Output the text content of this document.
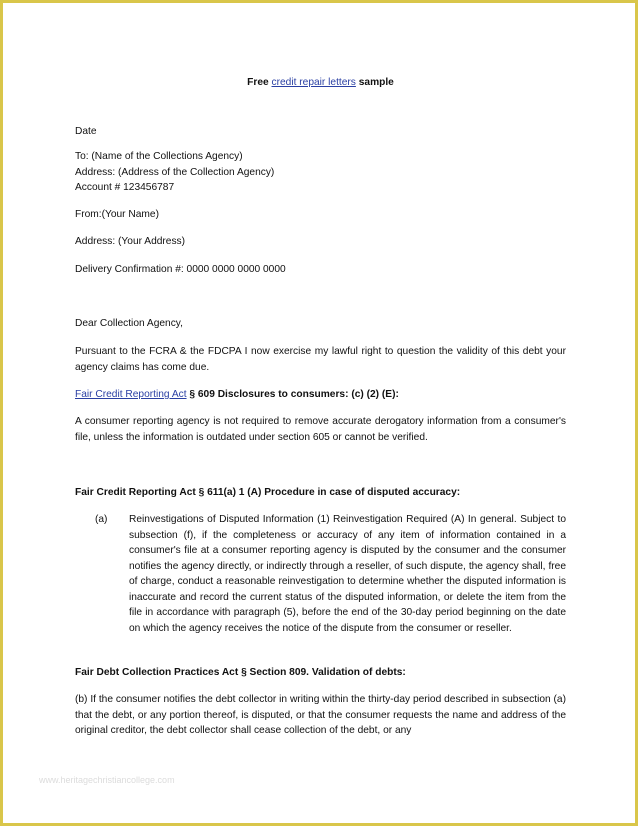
Free credit repair letters sample
Date
To: (Name of the Collections Agency)
Address: (Address of the Collection Agency)
Account # 123456787
From:(Your Name)
Address: (Your Address)
Delivery Confirmation #: 0000 0000 0000 0000
Dear Collection Agency,
Pursuant to the FCRA & the FDCPA I now exercise my lawful right to question the validity of this debt your agency claims has come due.
Fair Credit Reporting Act § 609 Disclosures to consumers: (c) (2) (E):
A consumer reporting agency is not required to remove accurate derogatory information from a consumer's file, unless the information is outdated under section 605 or cannot be verified.
Fair Credit Reporting Act § 611(a) 1 (A) Procedure in case of disputed accuracy:
(a) Reinvestigations of Disputed Information (1) Reinvestigation Required (A) In general. Subject to subsection (f), if the completeness or accuracy of any item of information contained in a consumer's file at a consumer reporting agency is disputed by the consumer and the consumer notifies the agency directly, or indirectly through a reseller, of such dispute, the agency shall, free of charge, conduct a reasonable reinvestigation to determine whether the disputed information is inaccurate and record the current status of the disputed information, or delete the item from the file in accordance with paragraph (5), before the end of the 30-day period beginning on the date on which the agency receives the notice of the dispute from the consumer or reseller.
Fair Debt Collection Practices Act § Section 809. Validation of debts:
(b) If the consumer notifies the debt collector in writing within the thirty-day period described in subsection (a) that the debt, or any portion thereof, is disputed, or that the consumer requests the name and address of the original creditor, the debt collector shall cease collection of the debt, or any
www.heritagechristiancollege.com
